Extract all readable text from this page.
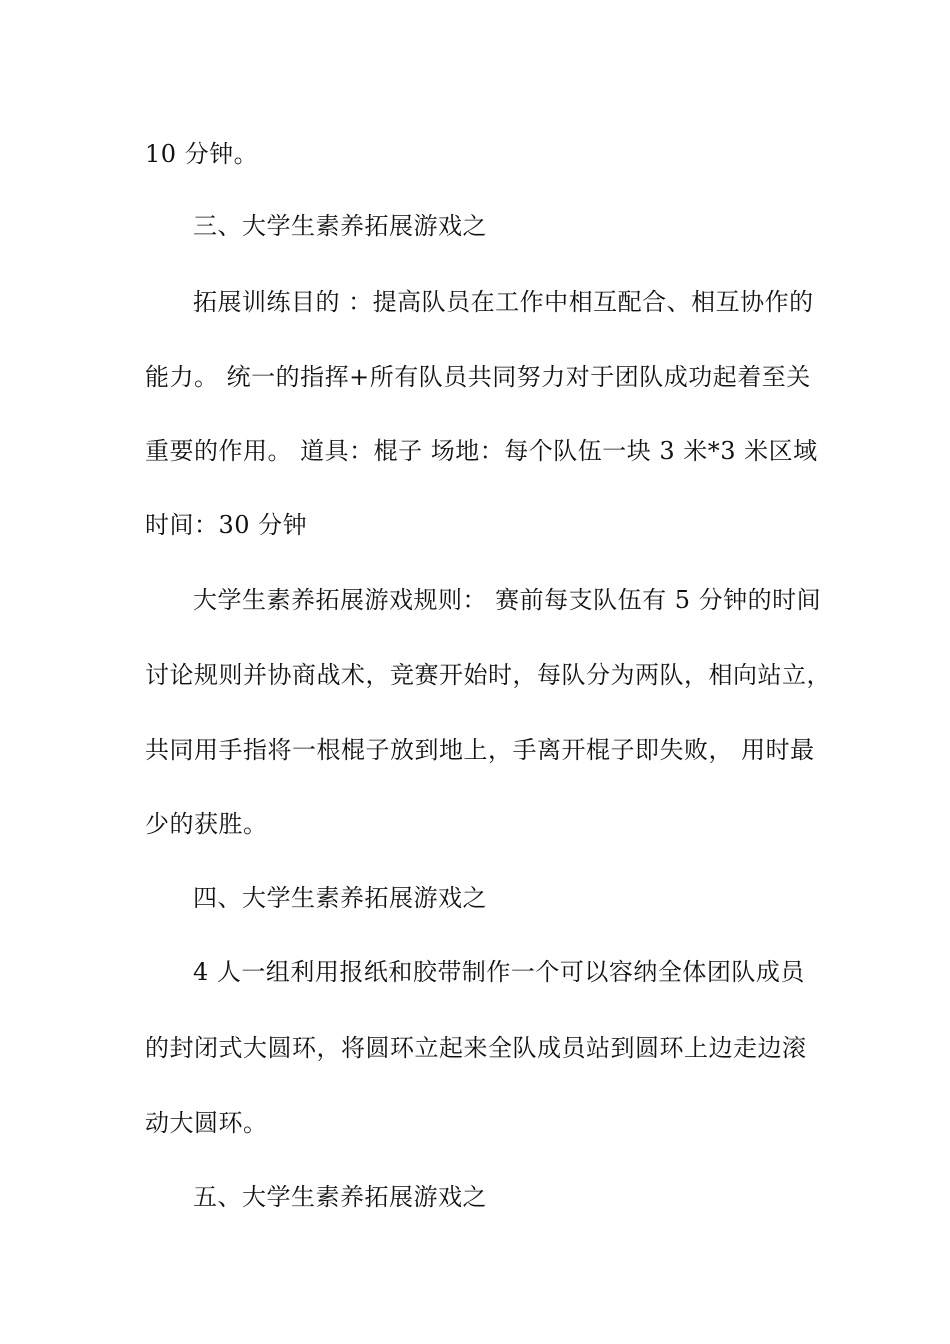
10 分钟。
三、大学生素养拓展游戏之
拓展训练目的 ：提高队员在工作中相互配合、相互协作的
能力。 统一的指挥+所有队员共同努力对于团队成功起着至关
重要的作用。 道具：棍子 场地：每个队伍一块 3 米*3 米区域
时间：30 分钟
大学生素养拓展游戏规则： 赛前每支队伍有 5 分钟的时间
讨论规则并协商战术，竞赛开始时，每队分为两队，相向站立，
共同用手指将一根棍子放到地上，手离开棍子即失败， 用时最
少的获胜。
四、大学生素养拓展游戏之
4 人一组利用报纸和胶带制作一个可以容纳全体团队成员
的封闭式大圆环，将圆环立起来全队成员站到圆环上边走边滚
动大圆环。
五、大学生素养拓展游戏之
